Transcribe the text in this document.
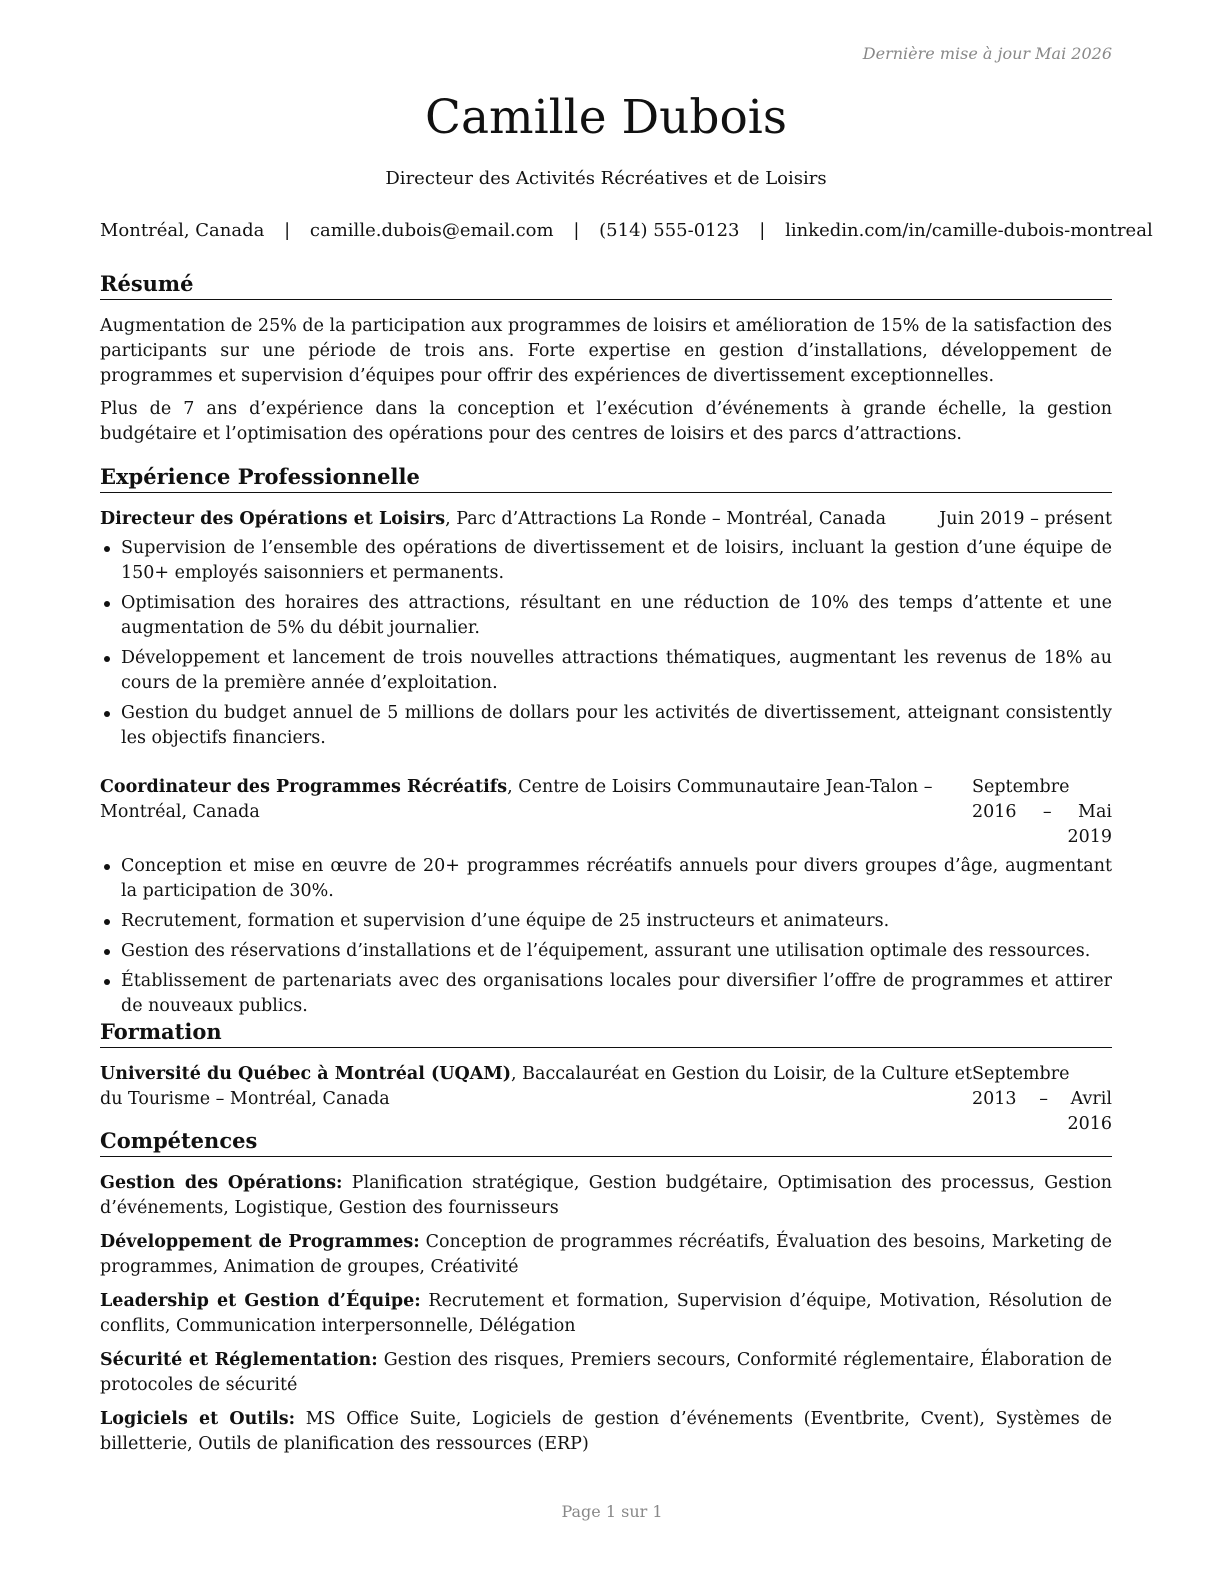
Dernière mise à jour Mai 2026
Camille Dubois
Directeur des Activités Récréatives et de Loisirs
Montréal, Canada | camille.dubois@email.com | (514) 555-0123 | linkedin.com/in/camille-dubois-montreal
Résumé

Augmentation de 25% de la participation aux programmes de loisirs et amélioration de 15% de la satisfaction des participants sur une période de trois ans. Forte expertise en gestion d’installations, développement de programmes et supervision d’équipes pour offrir des expériences de divertissement exceptionnelles.

Plus de 7 ans d’expérience dans la conception et l’exécution d’événements à grande échelle, la gestion budgétaire et l’optimisation des opérations pour des centres de loisirs et des parcs d’attractions.

Expérience Professionnelle
Directeur des Opérations et Loisirs, Parc d’Attractions La Ronde – Montréal, Canada	Juin 2019 – présent
Supervision de l’ensemble des opérations de divertissement et de loisirs, incluant la gestion d’une équipe de 150+ employés saisonniers et permanents.
Optimisation des horaires des attractions, résultant en une réduction de 10% des temps d’attente et une augmentation de 5% du débit journalier.
Développement et lancement de trois nouvelles attractions thématiques, augmentant les revenus de 18% au cours de la première année d’exploitation.
Gestion du budget annuel de 5 millions de dollars pour les activités de divertissement, atteignant consistently les objectifs financiers.
Coordinateur des Programmes Récréatifs, Centre de Loisirs Communautaire Jean-Talon – Montréal, Canada
Septembre 2016 – Mai 2019
Conception et mise en œuvre de 20+ programmes récréatifs annuels pour divers groupes d’âge, augmentant la participation de 30%.
Recrutement, formation et supervision d’une équipe de 25 instructeurs et animateurs.
Gestion des réservations d’installations et de l’équipement, assurant une utilisation optimale des ressources.
Établissement de partenariats avec des organisations locales pour diversifier l’offre de programmes et attirer de nouveaux publics.
Formation
Université du Québec à Montréal (UQAM), Baccalauréat en Gestion du Loisir, de la Culture et du Tourisme – Montréal, Canada
Septembre 2013 – Avril 2016
Compétences

Gestion des Opérations: Planification stratégique, Gestion budgétaire, Optimisation des processus, Gestion d’événements, Logistique, Gestion des fournisseurs

Développement de Programmes: Conception de programmes récréatifs, Évaluation des besoins, Marketing de programmes, Animation de groupes, Créativité

Leadership et Gestion d’Équipe: Recrutement et formation, Supervision d’équipe, Motivation, Résolution de conflits, Communication interpersonnelle, Délégation

Sécurité et Réglementation: Gestion des risques, Premiers secours, Conformité réglementaire, Élaboration de protocoles de sécurité

Logiciels et Outils: MS Office Suite, Logiciels de gestion d’événements (Eventbrite, Cvent), Systèmes de billetterie, Outils de planification des ressources (ERP)

Page 1 sur 1
